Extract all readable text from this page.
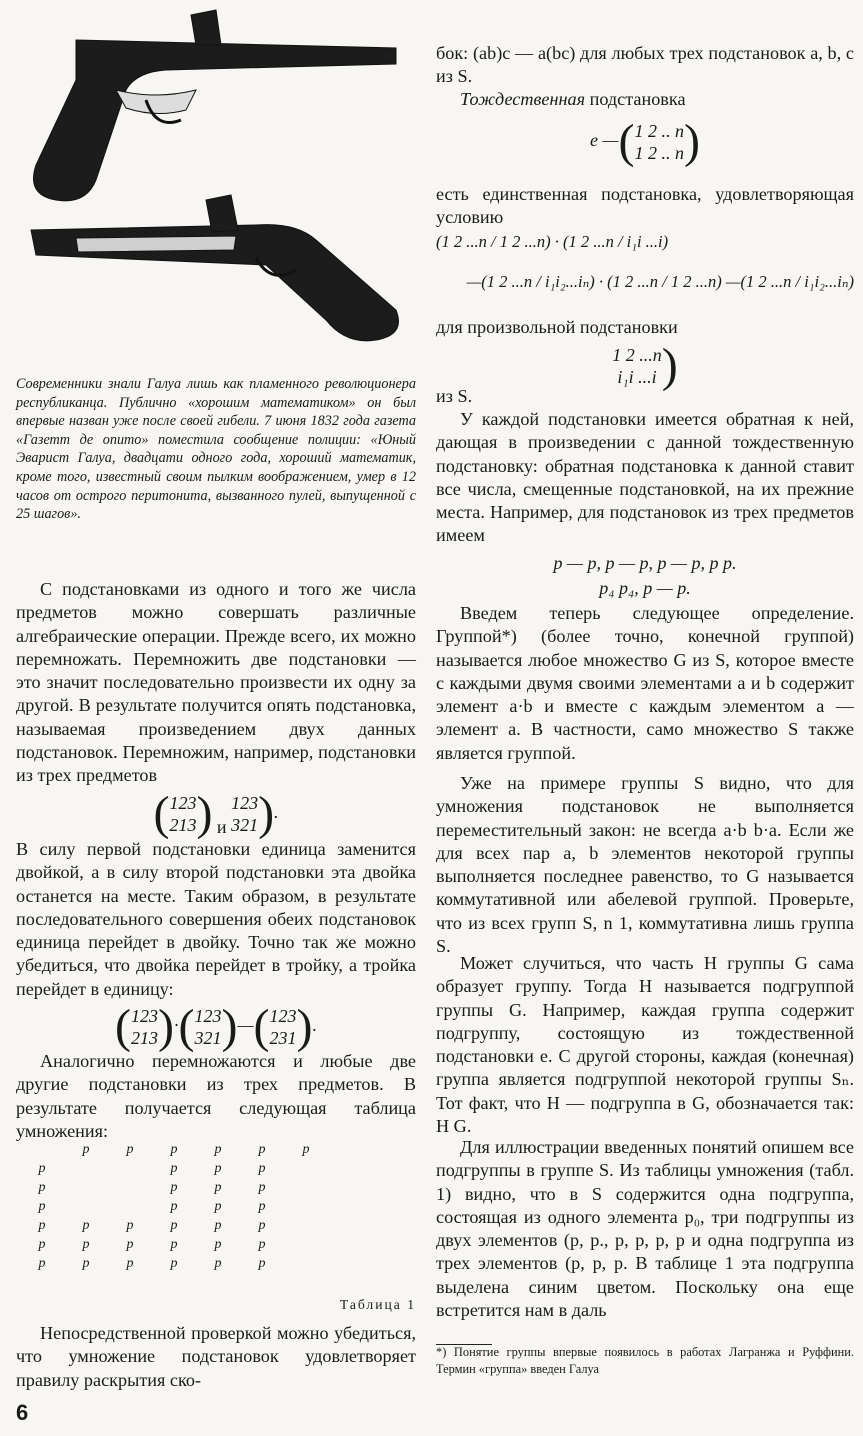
Современники знали Галуа лишь как пламенного революционера республиканца. Публично «хорошим математиком» он был впервые назван уже после своей гибели. 7 июня 1832 года газета «Газетт де опито» поместила сообщение полиции: «Юный Эварист Галуа, двадцати одного года, хороший математик, кроме того, известный своим пылким воображением, умер в 12 часов от острого перитонита, вызванного пулей, выпущенной с 25 шагов».

С подстановками из одного и того же числа предметов можно совершать различные алгебраические операции. Прежде всего, их можно перемножать. Перемножить две подстановки — это значит последовательно произвести их одну за другой. В результате получится опять подстановка, называемая произведением двух данных подстановок. Перемножим, например, подстановки из трех предметов

(123
213) и 123
321).

В силу первой подстановки единица заменится двойкой, а в силу второй подстановки эта двойка останется на месте. Таким образом, в результате последовательного совершения обеих подстановок единица перейдет в двойку. Точно так же можно убедиться, что двойка перейдет в тройку, а тройка перейдет в единицу:

(123
213)·(123
321)—(123
231).

Аналогично перемножаются и любые две другие подстановки из трех предметов. В результате получается следующая таблица умножения:

	p	p	p	p	p	p
p			p	p	p	
p			p	p	p	
p			p	p	p	
p	p	p	p	p	p	
p	p	p	p	p	p	
p	p	p	p	p	p	
Таблица 1

Непосредственной проверкой можно убедиться, что умножение подстановок удовлетворяет правилу раскрытия ско-

бок: (ab)c — a(bc) для любых трех подстановок a, b, c из S.

Тождественная подстановка

e —(1 2 .. n
1 2 .. n)

есть единственная подстановка, удовлетворяющая условию

(1 2 ...n / 1 2 ...n) · (1 2 ...n / i₁i ...i)
—(1 2 ...n / i₁i₂...iₙ) · (1 2 ...n / 1 2 ...n) —(1 2 ...n / i₁i₂...iₙ)

для произвольной подстановки

1 2 ...n
i₁i ...i )

из S.

У каждой подстановки имеется обратная к ней, дающая в произведении с данной тождественную подстановку: обратная подстановка к данной ставит все числа, смещенные подстановкой, на их прежние места. Например, для подстановок из трех предметов имеем

p — p, p — p, p — p, p p.
p₄ p₄, p — p.

Введем теперь следующее определение. Группой*) (более точно, конечной группой) называется любое множество G из S, которое вместе с каждыми двумя своими элементами a и b содержит элемент a·b и вместе с каждым элементом a — элемент a. В частности, само множество S также является группой.

Уже на примере группы S видно, что для умножения подстановок не выполняется переместительный закон: не всегда a·b b·a. Если же для всех пар a, b элементов некоторой группы выполняется последнее равенство, то G называется коммутативной или абелевой группой. Проверьте, что из всех групп S, n 1, коммутативна лишь группа S.

Может случиться, что часть H группы G сама образует группу. Тогда H называется подгруппой группы G. Например, каждая группа содержит подгруппу, состоящую из тождественной подстановки e. С другой стороны, каждая (конечная) группа является подгруппой некоторой группы Sₙ. Тот факт, что H — подгруппа в G, обозначается так: H G.

Для иллюстрации введенных понятий опишем все подгруппы в группе S. Из таблицы умножения (табл. 1) видно, что в S содержится одна подгруппа, состоящая из одного элемента p₀, три подгруппы из двух элементов (p, p., p, p, p, p и одна подгруппа из трех элементов (p, p, p. В таблице 1 эта подгруппа выделена синим цветом. Поскольку она еще встретится нам в даль

*) Понятие группы впервые появилось в работах Лагранжа и Руффини. Термин «группа» введен Галуа

6
